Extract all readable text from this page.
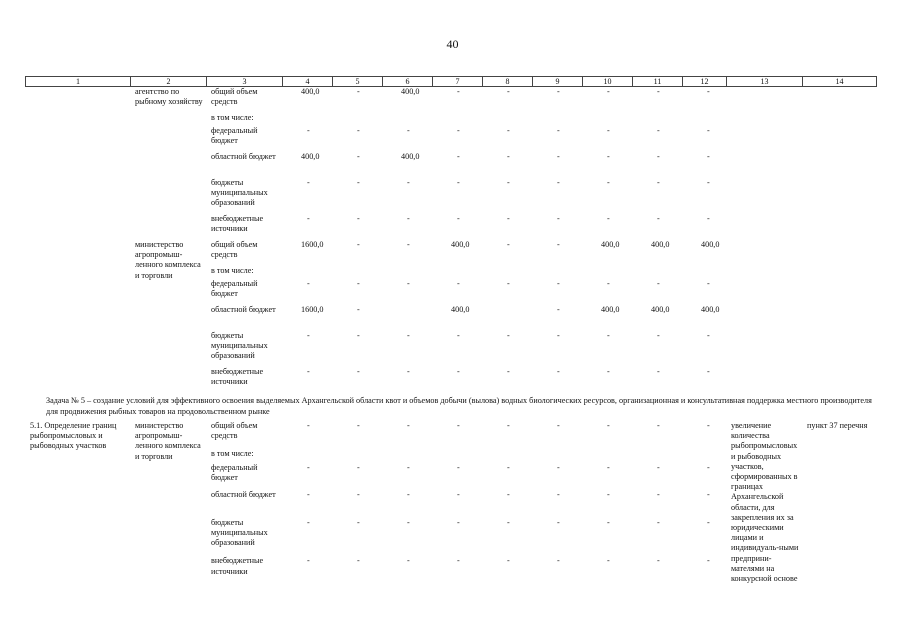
40
1	2	3	4	5	6	7	8	9	10	11	12	13	14
	агентство по рыбному хозяйству	общий объем средств	400,0	-	400,0	-	-	-	-	-	-		
		в том числе:											
		федеральный бюджет	-	-	-	-	-	-	-	-	-		
		областной бюджет	400,0	-	400,0	-	-	-	-	-	-		
		бюджеты муниципальных образований	-	-	-	-	-	-	-	-	-		
		внебюджетные источники	-	-	-	-	-	-	-	-	-		
	министерство агропромыш-ленного комплекса и торговли	общий объем средств	1600,0	-	-	400,0	-	-	400,0	400,0	400,0		
		в том числе:											
		федеральный бюджет	-	-	-	-	-	-	-	-	-		
		областной бюджет	1600,0	-		400,0		-	400,0	400,0	400,0		
		бюджеты муниципальных образований	-	-	-	-	-	-	-	-	-		
		внебюджетные источники	-	-	-	-	-	-	-	-	-		
Задача № 5 – создание условий для эффективного освоения выделяемых Архангельской области квот и объемов добычи (вылова) водных биологических ресурсов, организационная и консультативная поддержка местного производителя для продвижения рыбных товаров на продовольственном рынке													
5.1. Определение границ рыбопромысловых и рыбоводных участков	министерство агропромыш-ленного комплекса и торговли	общий объем средств	-	-	-	-	-	-	-	-	-	увеличение количества рыбопромысловых и рыбоводных участков, сформированных в границах Архангельской области, для закрепления их за юридическими лицами и индивидуаль-ными предприни-мателями на конкурсной основе	пункт 37 перечня
		в том числе:											
		федеральный бюджет	-	-	-	-	-	-	-	-	-		
		областной бюджет	-	-	-	-	-	-	-	-	-		
		бюджеты муниципальных образований	-	-	-	-	-	-	-	-	-		
		внебюджетные источники	-	-	-	-	-	-	-	-	-		
